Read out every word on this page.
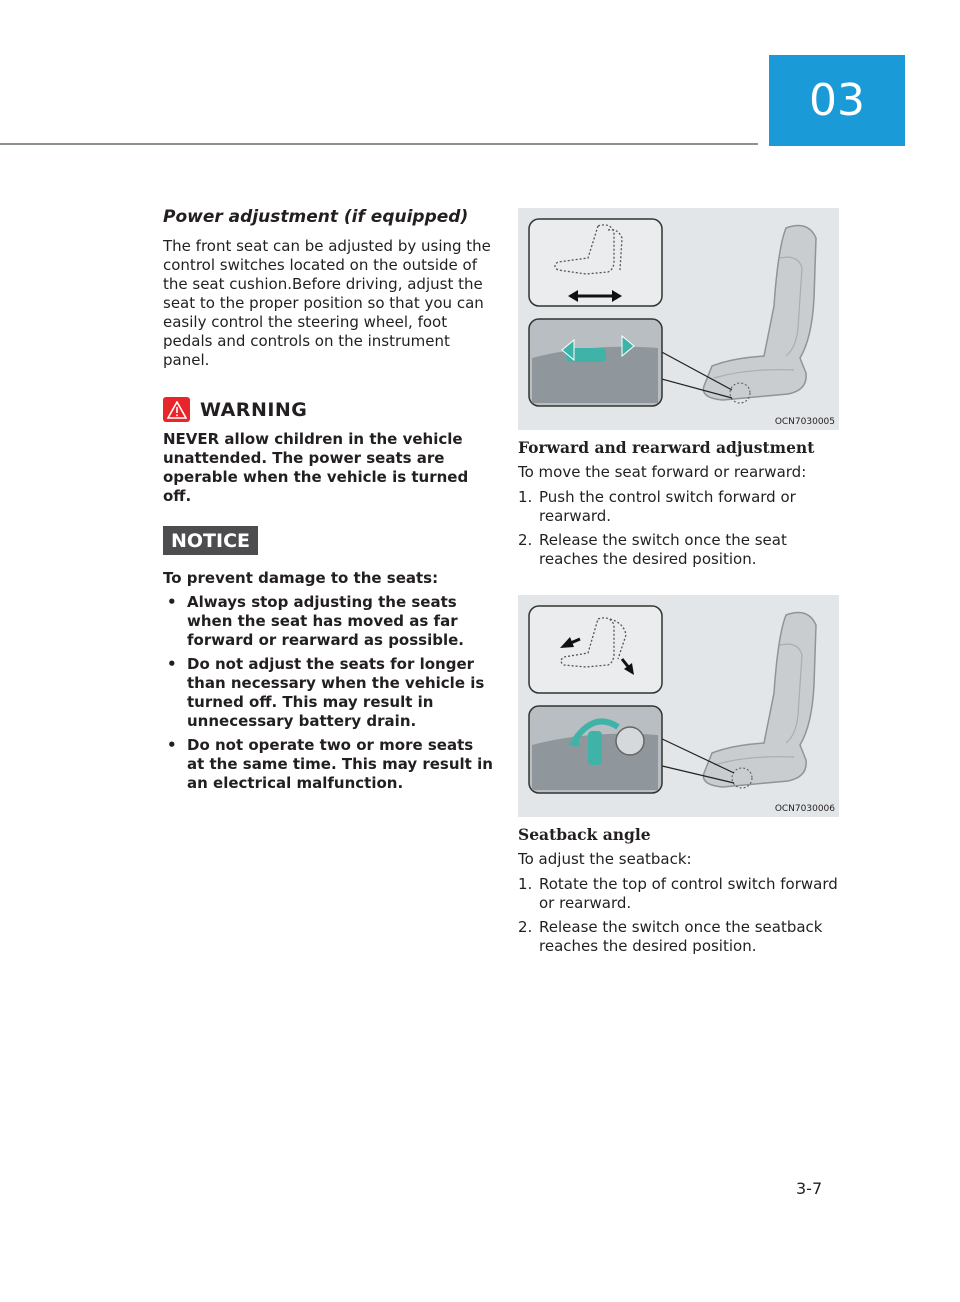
03
Power adjustment (if equipped)

The front seat can be adjusted by using the control switches located on the outside of the seat cushion.Before driving, adjust the seat to the proper position so that you can easily control the steering wheel, foot pedals and controls on the instrument panel.

WARNING

NEVER allow children in the vehicle unattended. The power seats are operable when the vehicle is turned off.

NOTICE

To prevent damage to the seats:

• Always stop adjusting the seats when the seat has moved as far forward or rearward as possible.
• Do not adjust the seats for longer than necessary when the vehicle is turned off. This may result in unnecessary battery drain.
• Do not operate two or more seats at the same time. This may result in an electrical malfunction.
OCN7030005
Forward and rearward adjustment

To move the seat forward or rearward:

1. Push the control switch forward or rearward.
2. Release the switch once the seat reaches the desired position.
OCN7030006
Seatback angle

To adjust the seatback:

1. Rotate the top of control switch forward or rearward.
2. Release the switch once the seatback reaches the desired position.
3-7
